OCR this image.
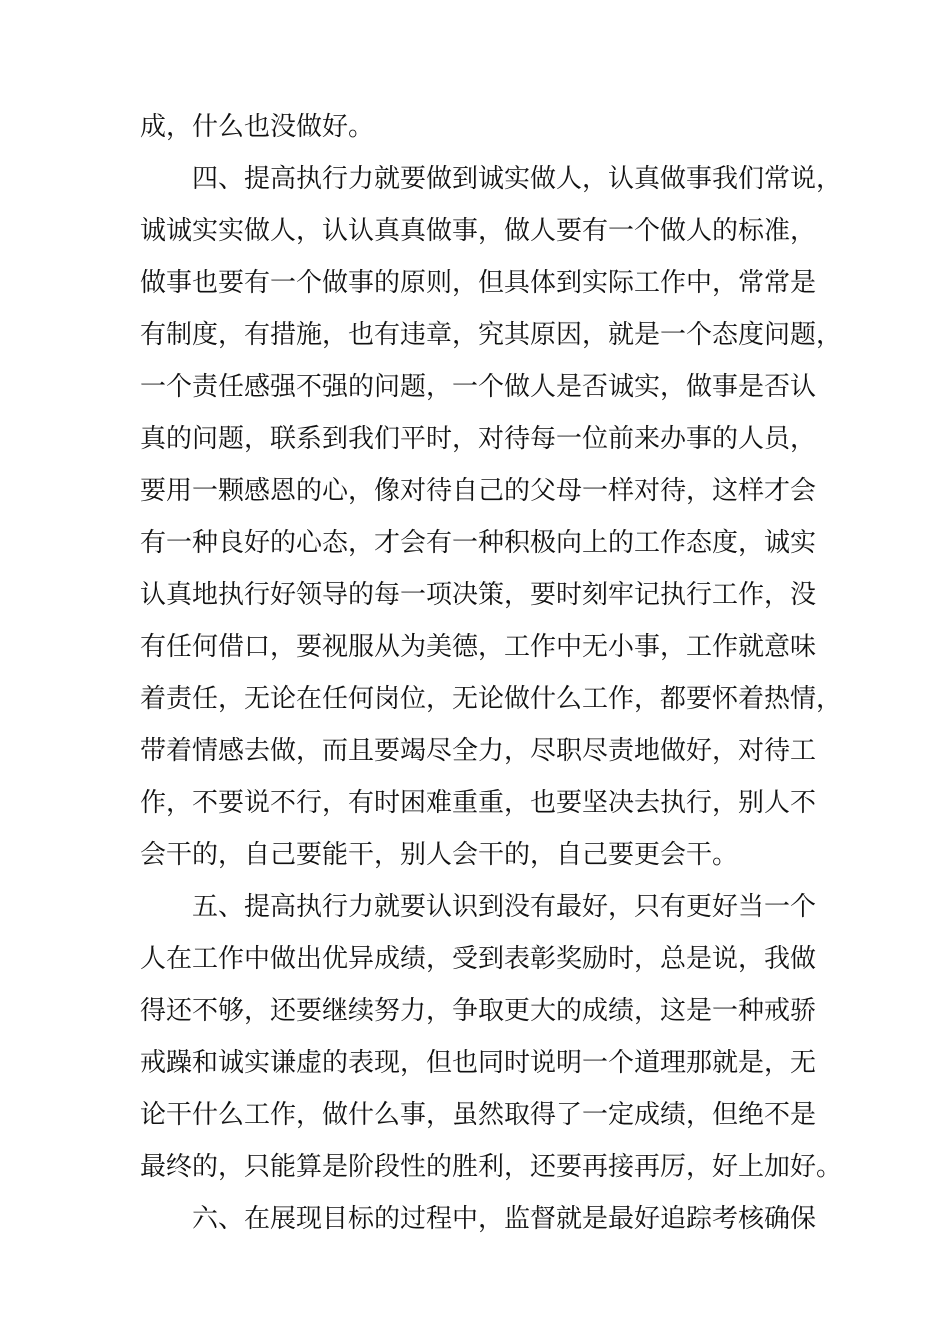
成，什么也没做好。
四、提高执行力就要做到诚实做人，认真做事我们常说，
诚诚实实做人，认认真真做事，做人要有一个做人的标准，
做事也要有一个做事的原则，但具体到实际工作中，常常是
有制度，有措施，也有违章，究其原因，就是一个态度问题，
一个责任感强不强的问题，一个做人是否诚实，做事是否认
真的问题，联系到我们平时，对待每一位前来办事的人员，
要用一颗感恩的心，像对待自己的父母一样对待，这样才会
有一种良好的心态，才会有一种积极向上的工作态度，诚实
认真地执行好领导的每一项决策，要时刻牢记执行工作，没
有任何借口，要视服从为美德，工作中无小事，工作就意味
着责任，无论在任何岗位，无论做什么工作，都要怀着热情，
带着情感去做，而且要竭尽全力，尽职尽责地做好，对待工
作，不要说不行，有时困难重重，也要坚决去执行，别人不
会干的，自己要能干，别人会干的，自己要更会干。
五、提高执行力就要认识到没有最好，只有更好当一个
人在工作中做出优异成绩，受到表彰奖励时，总是说，我做
得还不够，还要继续努力，争取更大的成绩，这是一种戒骄
戒躁和诚实谦虚的表现，但也同时说明一个道理那就是，无
论干什么工作，做什么事，虽然取得了一定成绩，但绝不是
最终的，只能算是阶段性的胜利，还要再接再厉，好上加好。
六、在展现目标的过程中，监督就是最好追踪考核确保
